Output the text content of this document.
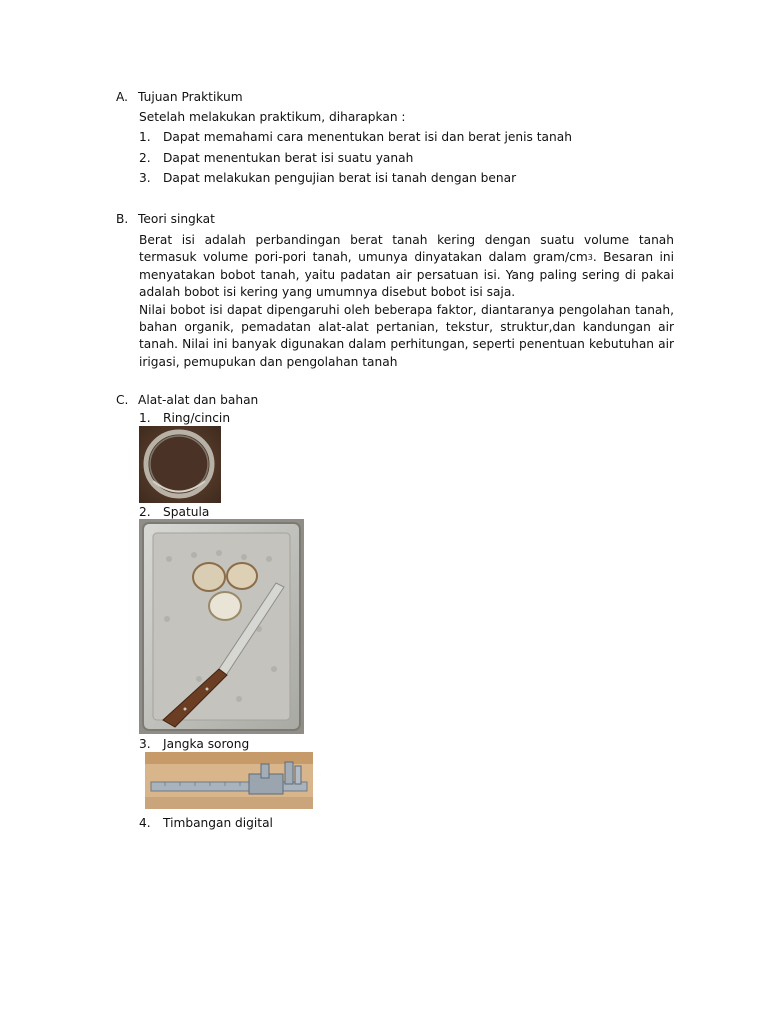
A. Tujuan Praktikum
Setelah melakukan praktikum, diharapkan :
1. Dapat memahami cara menentukan berat isi dan berat jenis tanah
2. Dapat menentukan berat isi suatu yanah
3. Dapat melakukan pengujian berat isi tanah dengan benar
B. Teori singkat

Berat isi adalah perbandingan berat tanah kering dengan suatu volume tanah termasuk volume pori-pori tanah, umunya dinyatakan dalam gram/$cm^3$. Besaran ini menyatakan bobot tanah, yaitu padatan air persatuan isi. Yang paling sering di pakai adalah bobot isi kering yang umumnya disebut bobot isi saja.

Nilai bobot isi dapat dipengaruhi oleh beberapa faktor, diantaranya pengolahan tanah, bahan organik, pemadatan alat-alat pertanian, tekstur, struktur,dan kandungan air tanah. Nilai ini banyak digunakan dalam perhitungan, seperti penentuan kebutuhan air irigasi, pemupukan dan pengolahan tanah

C. Alat-alat dan bahan
1. Ring/cincin
2. Spatula
3. Jangka sorong
4. Timbangan digital
